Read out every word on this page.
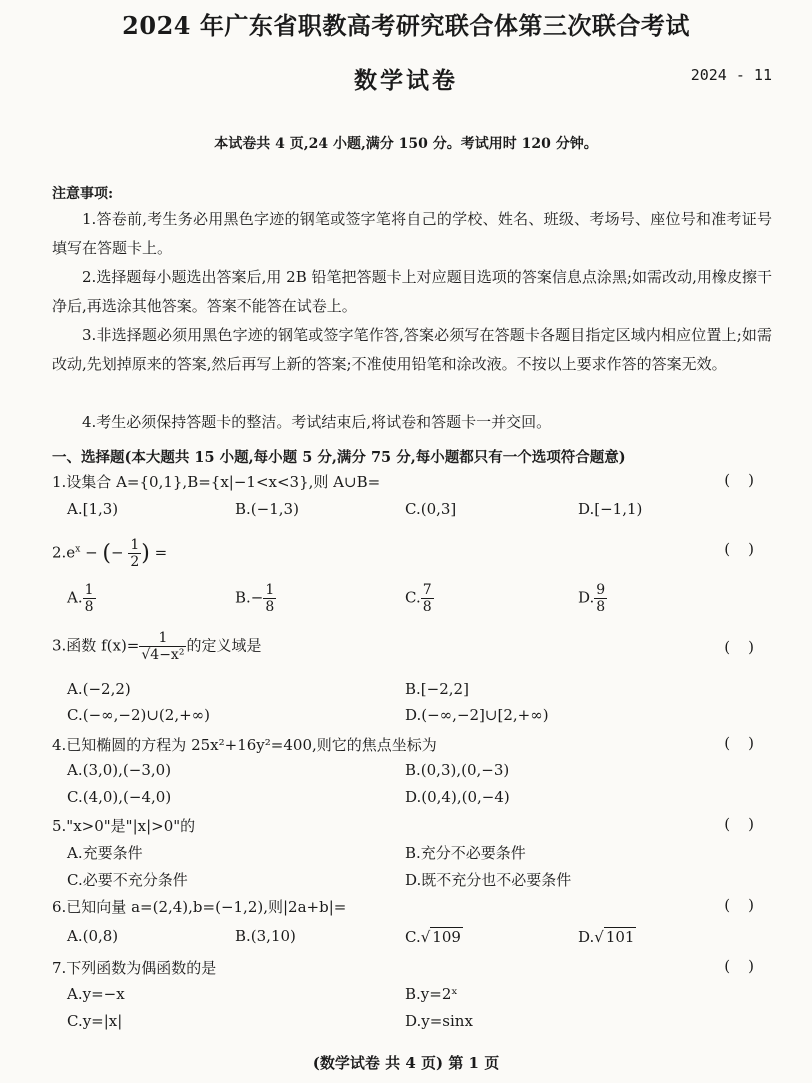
2024 年广东省职教高考研究联合体第三次联合考试
数学试卷	2024 - 11
本试卷共 4 页,24 小题,满分 150 分。考试用时 120 分钟。
注意事项:
1.答卷前,考生务必用黑色字迹的钢笔或签字笔将自己的学校、姓名、班级、考场号、座位号和准考证号填写在答题卡上。
2.选择题每小题选出答案后,用 2B 铅笔把答题卡上对应题目选项的答案信息点涂黑;如需改动,用橡皮擦干净后,再选涂其他答案。答案不能答在试卷上。
3.非选择题必须用黑色字迹的钢笔或签字笔作答,答案必须写在答题卡各题目指定区域内相应位置上;如需改动,先划掉原来的答案,然后再写上新的答案;不准使用铅笔和涂改液。不按以上要求作答的答案无效。
4.考生必须保持答题卡的整洁。考试结束后,将试卷和答题卡一并交回。
一、选择题(本大题共 15 小题,每小题 5 分,满分 75 分,每小题都只有一个选项符合题意)
1.设集合 A={0,1},B={x|−1<x<3},则 A∪B=	()
A.[1,3)	B.(−1,3)	C.(0,3]	D.[−1,1)
$2.e^x$ − (− $\frac{1}{2}$ ) =	()
A. $\frac{1}{8}$	$B.- \frac{1}{8}$	C. $\frac{7}{8}$	D. $\frac{9}{8}$
3.函数 $f(x)= \frac{1}{\text{√4−x²}}$ 的定义域是	()
A.(−2,2)	B.[−2,2]
C.(−∞,−2)∪(2,+∞)	D.(−∞,−2]∪[2,+∞)
4.已知椭圆的方程为 25x²+16y²=400,则它的焦点坐标为	()
A.(3,0),(−3,0)	B.(0,3),(0,−3)
C.(4,0),(−4,0)	D.(0,4),(0,−4)
5."x>0"是"|x|>0"的	()
A.充要条件	B.充分不必要条件
C.必要不充分条件	D.既不充分也不必要条件
6.已知向量 a=(2,4),b=(−1,2),则|2a+b|=	()
A.(0,8)	B.(3,10)	C.√ 109	D.√ 101
7.下列函数为偶函数的是	()
A.y=−x	B.y=2ˣ
C.y=|x|	D.y=sinx
(数学试卷 共 4 页) 第 1 页
